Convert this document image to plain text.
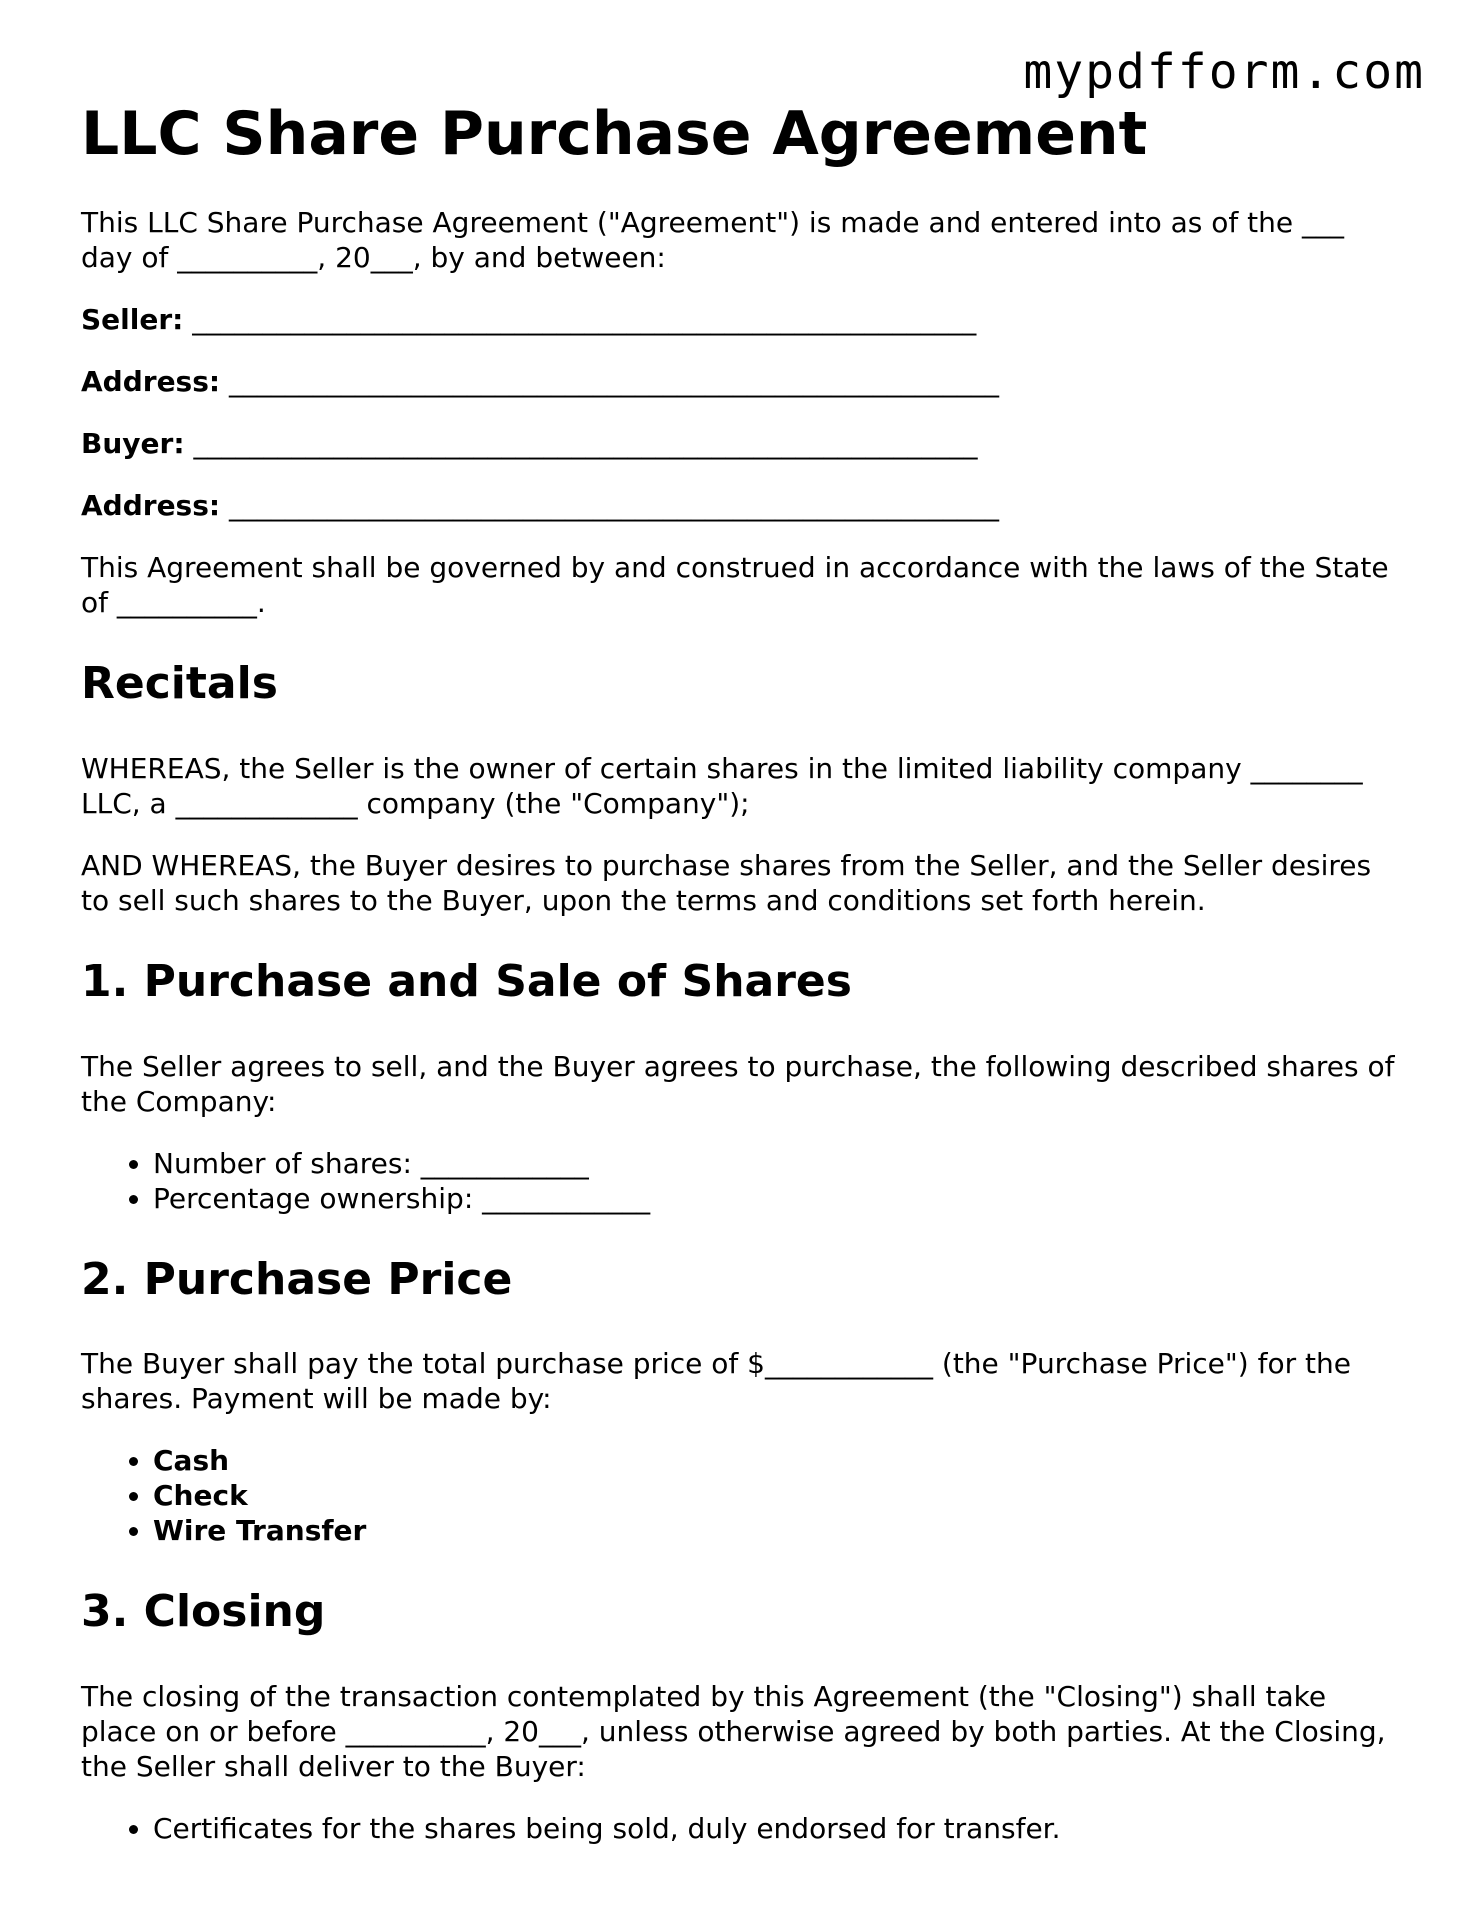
mypdfform.com
LLC Share Purchase Agreement

This LLC Share Purchase Agreement ("Agreement") is made and entered into as of the ___ day of __________, 20___, by and between:

Seller: ________________________________________________________

Address: _______________________________________________________

Buyer: ________________________________________________________

Address: _______________________________________________________

This Agreement shall be governed by and construed in accordance with the laws of the State of __________.

Recitals

WHEREAS, the Seller is the owner of certain shares in the limited liability company ________ LLC, a _____________ company (the "Company");

AND WHEREAS, the Buyer desires to purchase shares from the Seller, and the Seller desires to sell such shares to the Buyer, upon the terms and conditions set forth herein.

1. Purchase and Sale of Shares

The Seller agrees to sell, and the Buyer agrees to purchase, the following described shares of the Company:

• Number of shares: ____________
• Percentage ownership: ____________
2. Purchase Price

The Buyer shall pay the total purchase price of $____________ (the "Purchase Price") for the shares. Payment will be made by:

• Cash
• Check
• Wire Transfer
3. Closing

The closing of the transaction contemplated by this Agreement (the "Closing") shall take place on or before __________, 20___, unless otherwise agreed by both parties. At the Closing, the Seller shall deliver to the Buyer:

• Certificates for the shares being sold, duly endorsed for transfer.
